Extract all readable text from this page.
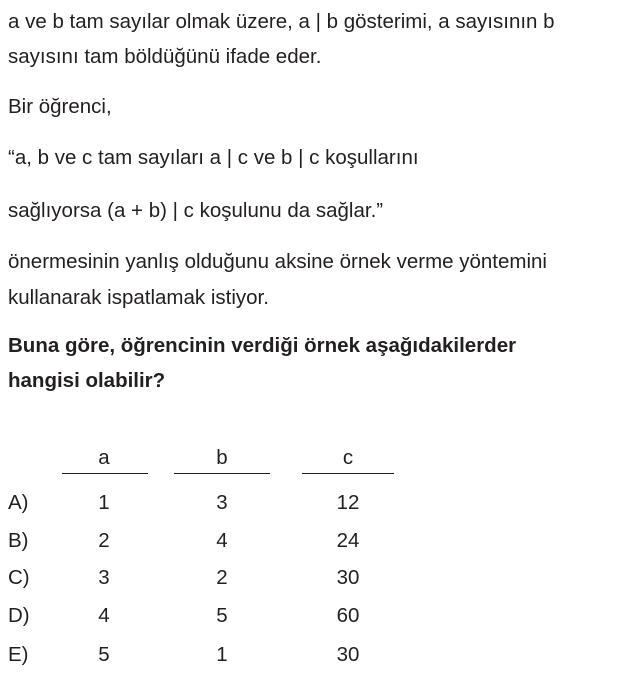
a ve b tam sayılar olmak üzere, a | b gösterimi, a sayısının b
sayısını tam böldüğünü ifade eder.
Bir öğrenci,
“a, b ve c tam sayıları a | c ve b | c koşullarını
sağlıyorsa (a + b) | c koşulunu da sağlar.”
önermesinin yanlış olduğunu aksine örnek verme yöntemini
kullanarak ispatlamak istiyor.
Buna göre, öğrencinin verdiği örnek aşağıdakilerder
hangisi olabilir?
a	b	c
A)	1	3	12
B)	2	4	24
C)	3	2	30
D)	4	5	60
E)	5	1	30
